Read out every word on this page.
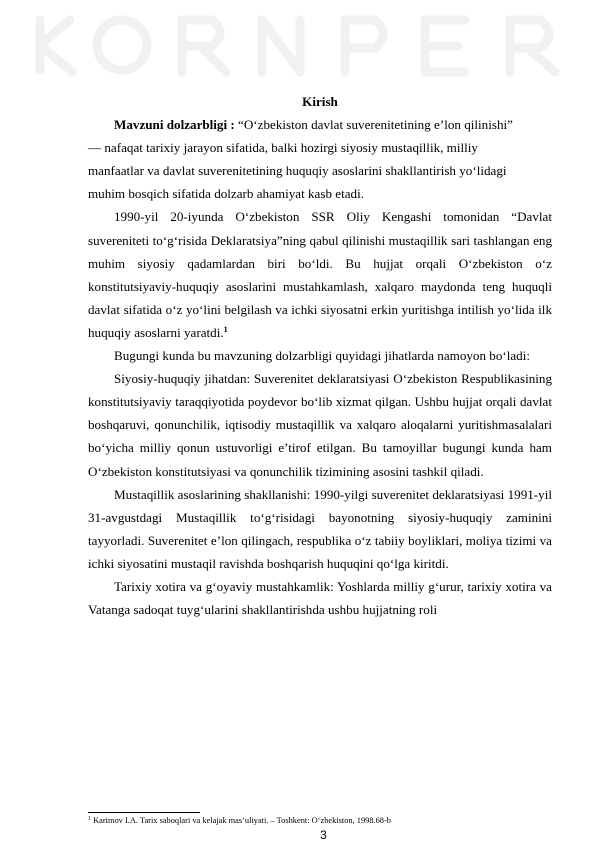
Kirish

Mavzuni dolzarbligi : “O‘zbekiston davlat suverenitetining e’lon qilinishi”
— nafaqat tarixiy jarayon sifatida, balki hozirgi siyosiy mustaqillik, milliy
manfaatlar va davlat suverenitetining huquqiy asoslarini shakllantirish yo‘lidagi
muhim bosqich sifatida dolzarb ahamiyat kasb etadi.

1990-yil 20-iyunda O‘zbekiston SSR Oliy Kengashi tomonidan “Davlat suvereniteti to‘g‘risida Deklaratsiya”ning qabul qilinishi mustaqillik sari tashlangan eng muhim siyosiy qadamlardan biri bo‘ldi. Bu hujjat orqali O‘zbekiston o‘z konstitutsiyaviy-huquqiy asoslarini mustahkamlash, xalqaro maydonda teng huquqli davlat sifatida o‘z yo‘lini belgilash va ichki siyosatni erkin yuritishga intilish yo‘lida ilk huquqiy asoslarni yaratdi.$^1$

Bugungi kunda bu mavzuning dolzarbligi quyidagi jihatlarda namoyon bo‘ladi:

Siyosiy-huquqiy jihatdan: Suverenitet deklaratsiyasi O‘zbekiston Respublikasining konstitutsiyaviy taraqqiyotida poydevor bo‘lib xizmat qilgan. Ushbu hujjat orqali davlat boshqaruvi, qonunchilik, iqtisodiy mustaqillik va xalqaro aloqalarni yuritishmasalalari bo‘yicha milliy qonun ustuvorligi e’tirof etilgan. Bu tamoyillar bugungi kunda ham O‘zbekiston konstitutsiyasi va qonunchilik tizimining asosini tashkil qiladi.

Mustaqillik asoslarining shakllanishi: 1990-yilgi suverenitet deklaratsiyasi 1991-yil 31-avgustdagi Mustaqillik to‘g‘risidagi bayonotning siyosiy-huquqiy zaminini tayyorladi. Suverenitet e’lon qilingach, respublika o‘z tabiiy boyliklari, moliya tizimi va ichki siyosatini mustaqil ravishda boshqarish huquqini qo‘lga kiritdi.

Tarixiy xotira va g‘oyaviy mustahkamlik: Yoshlarda milliy g‘urur, tarixiy xotira va Vatanga sadoqat tuyg‘ularini shakllantirishda ushbu hujjatning roli

$^1$ Karimov I.A. Tarix saboqlari va kelajak mas’uliyati. – Toshkent: O‘zbekiston, 1998.68-b
3
